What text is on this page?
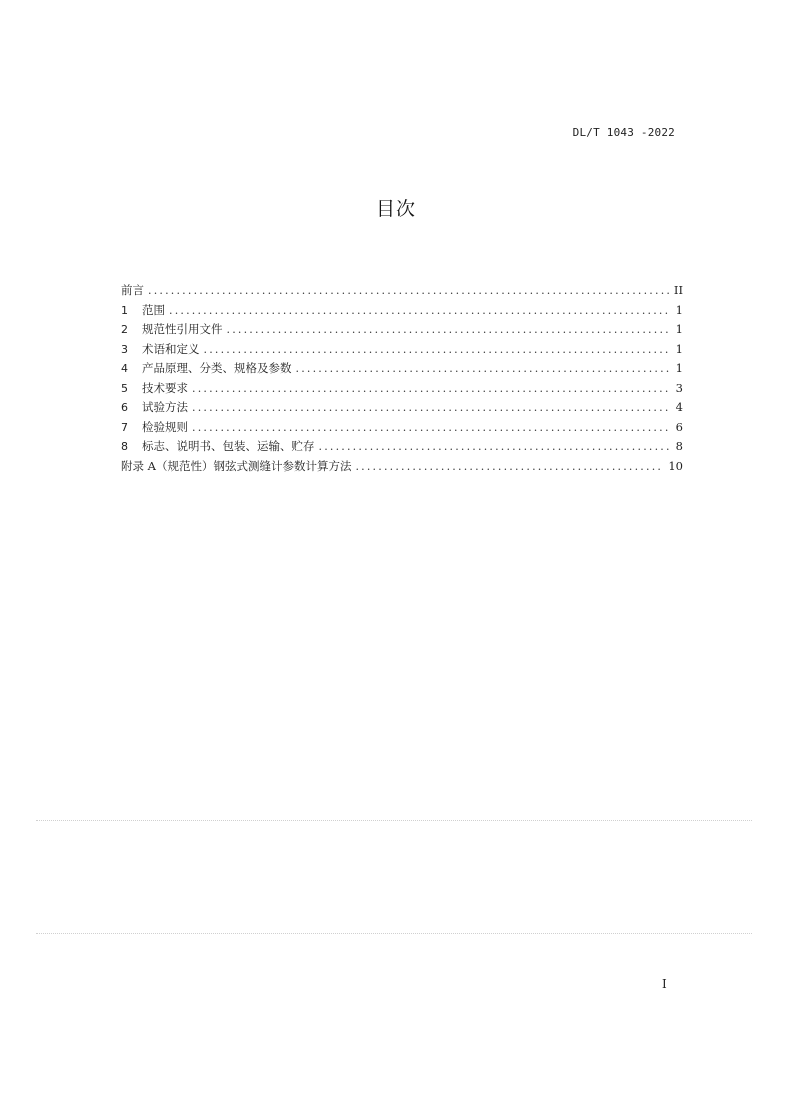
DL/T 1043 -2022
目次
前言 .....	II
1	范围 .....	1
2	规范性引用文件 .....	1
3	术语和定义 .....	1
4	产品原理、分类、规格及参数 .....	1
5	技术要求 .....	3
6	试验方法 .....	4
7	检验规则 .....	6
8	标志、说明书、包装、运输、贮存 .....	8
附录 A（规范性）钢弦式测缝计参数计算方法 .....	10
I
